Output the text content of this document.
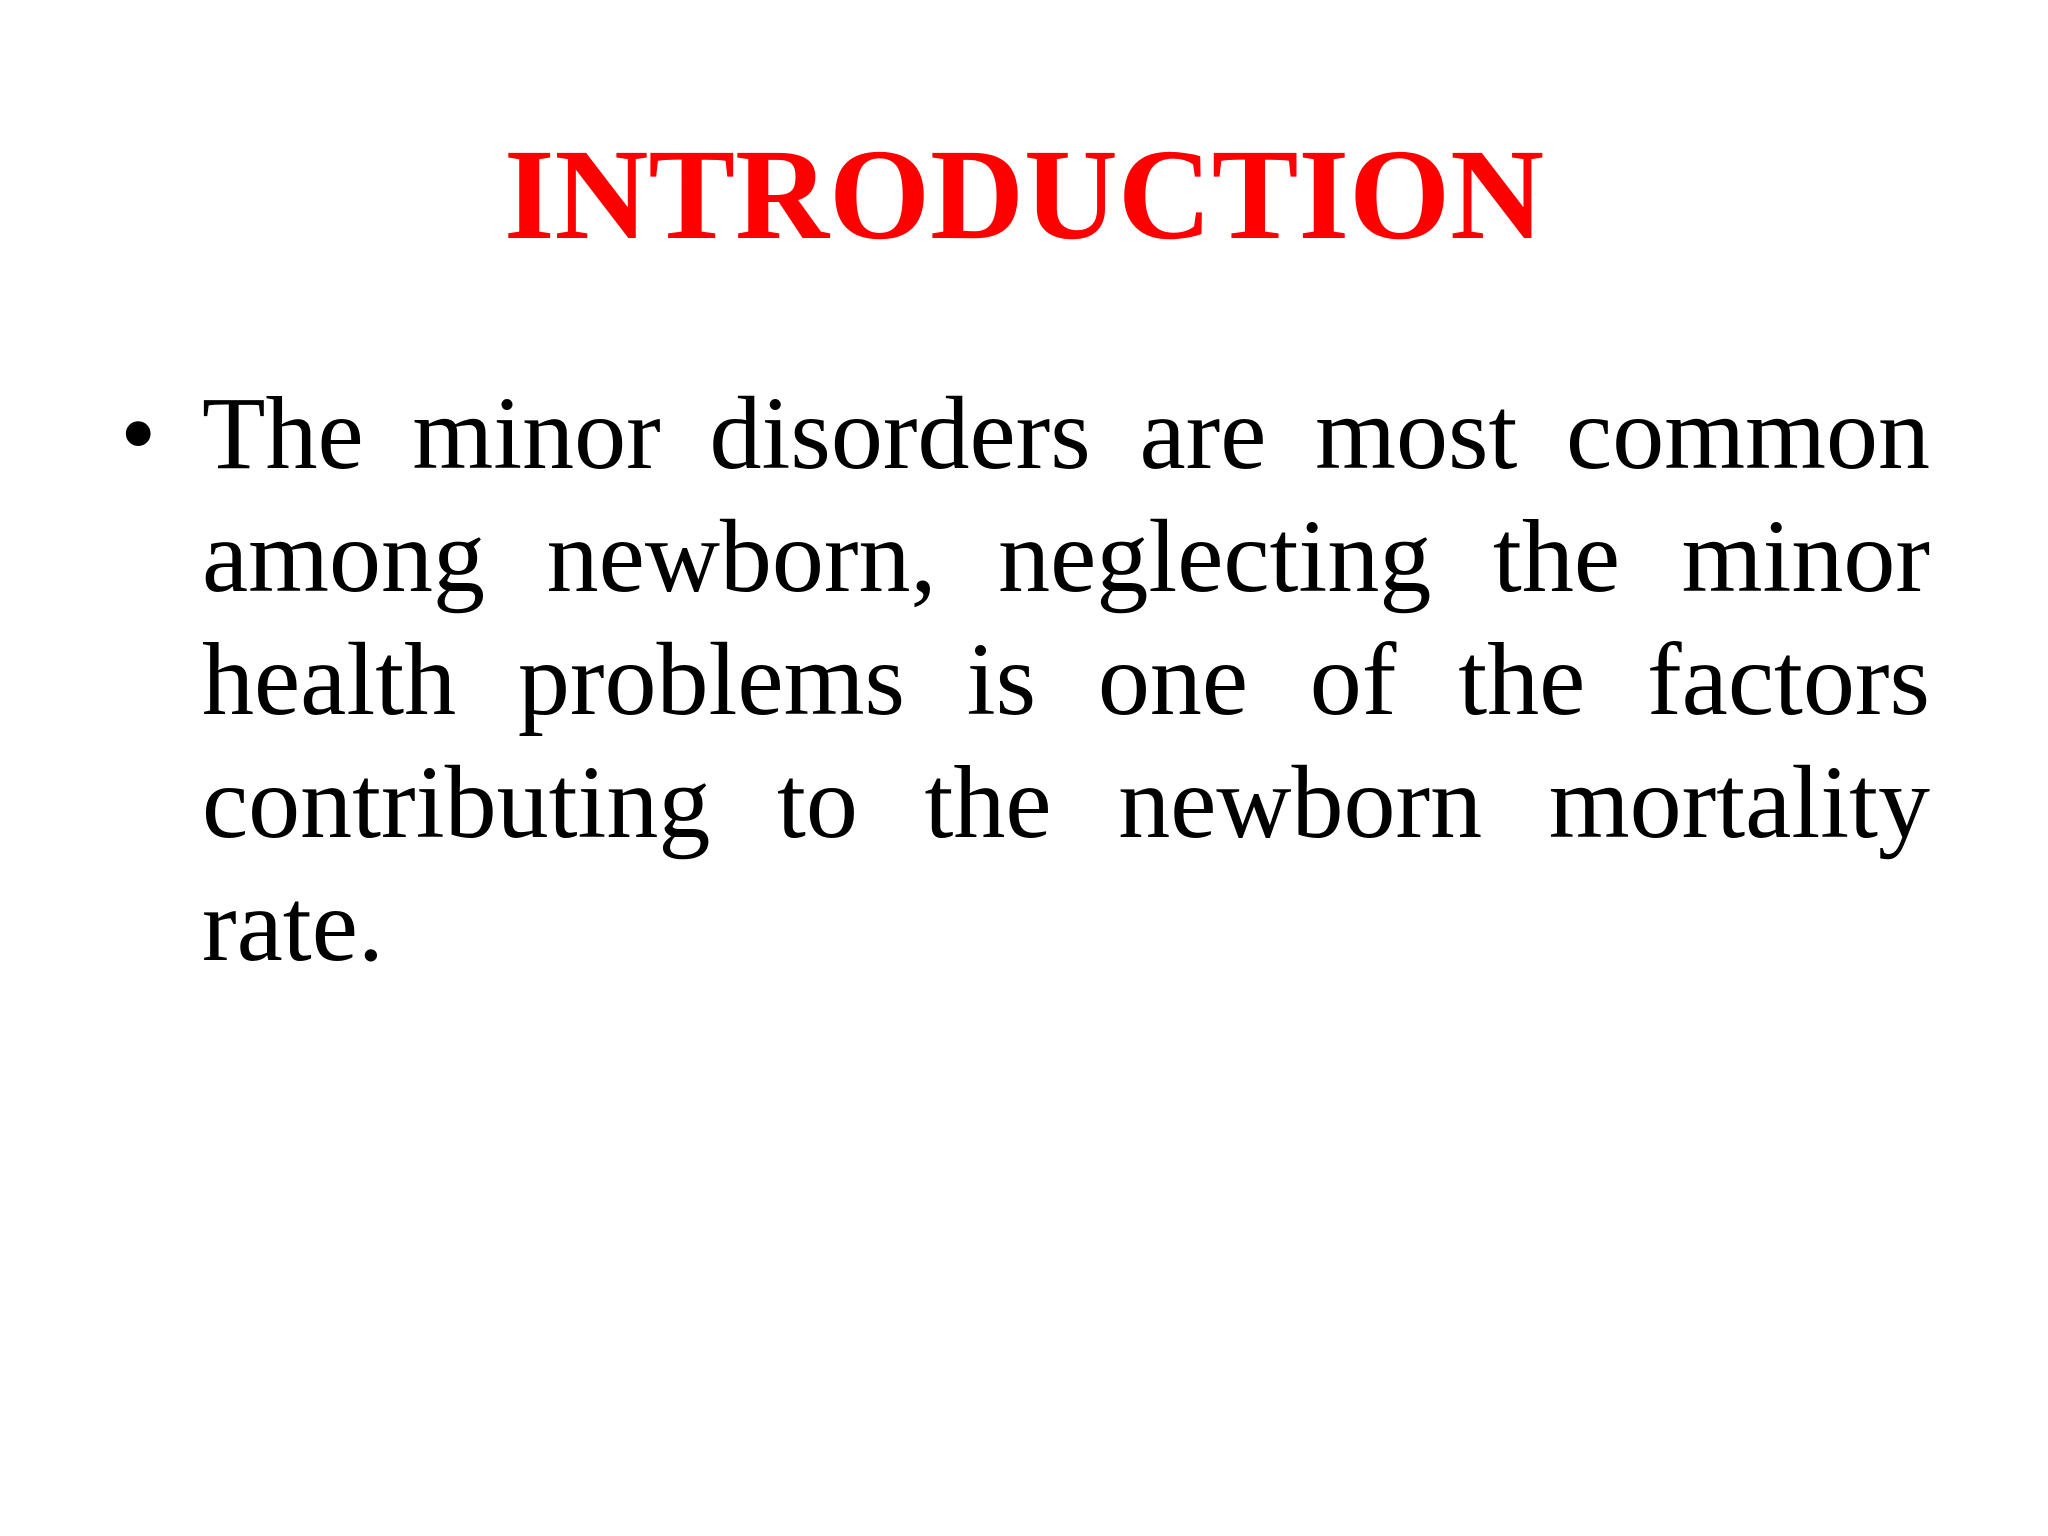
INTRODUCTION
• The minor disorders are most common among newborn, neglecting the minor health problems is one of the factors contributing to the newborn mortality rate.
